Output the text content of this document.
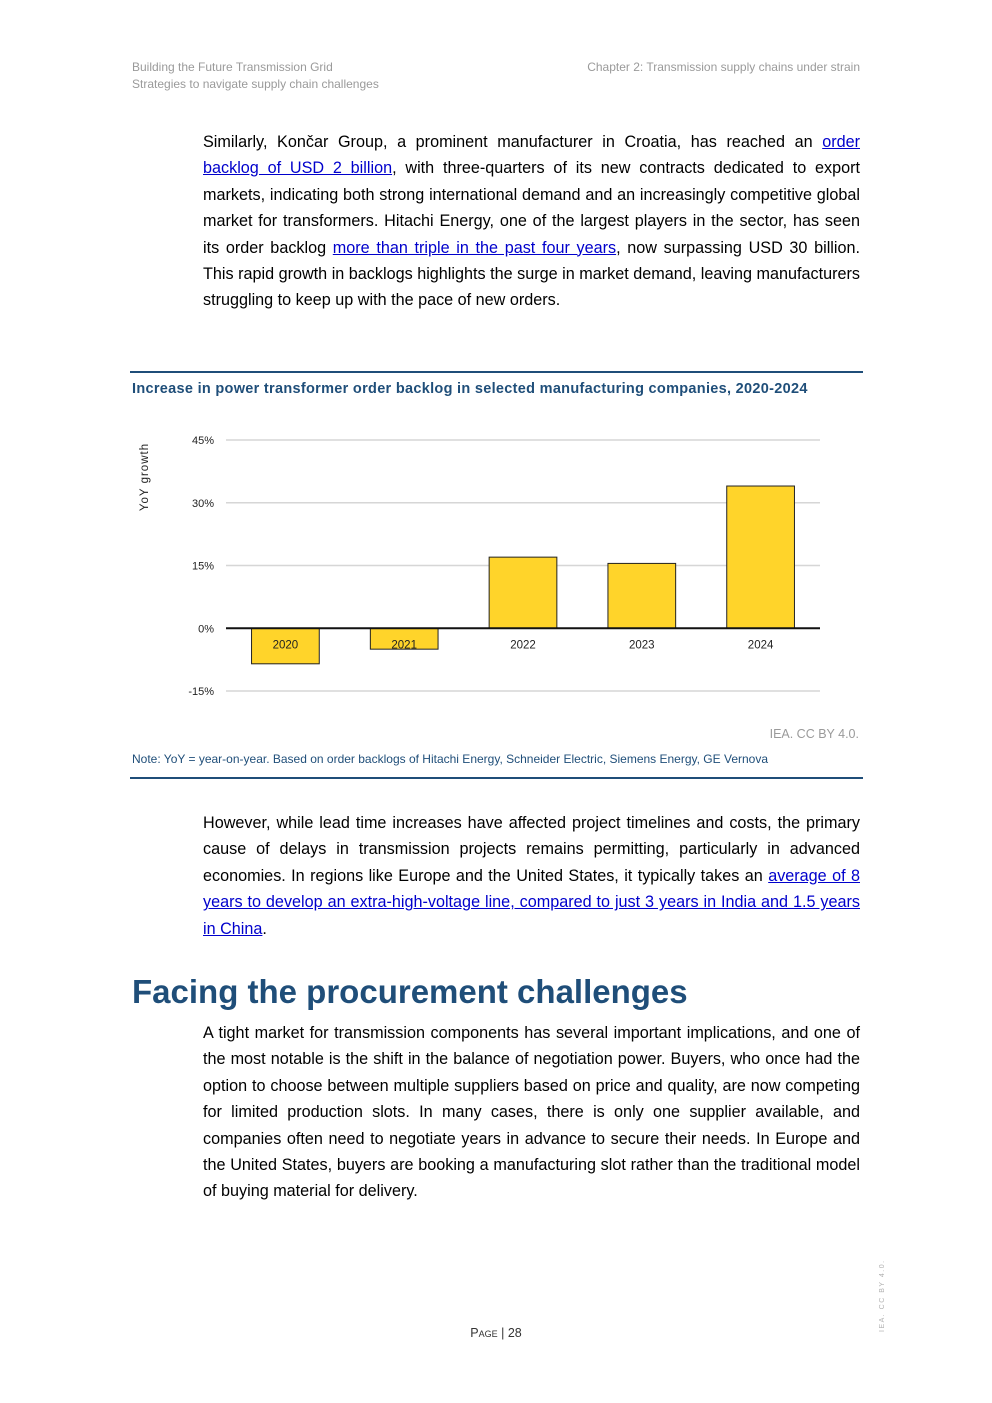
Building the Future Transmission Grid
Strategies to navigate supply chain challenges
Chapter 2: Transmission supply chains under strain
Similarly, Končar Group, a prominent manufacturer in Croatia, has reached an order backlog of USD 2 billion, with three-quarters of its new contracts dedicated to export markets, indicating both strong international demand and an increasingly competitive global market for transformers. Hitachi Energy, one of the largest players in the sector, has seen its order backlog more than triple in the past four years, now surpassing USD 30 billion. This rapid growth in backlogs highlights the surge in market demand, leaving manufacturers struggling to keep up with the pace of new orders.
Increase in power transformer order backlog in selected manufacturing companies, 2020-2024
YoY growth
45%
30%
15%
0%
-15%
2020	2021	2022	2023	2024
IEA. CC BY 4.0.
Note: YoY = year-on-year. Based on order backlogs of Hitachi Energy, Schneider Electric, Siemens Energy, GE Vernova
However, while lead time increases have affected project timelines and costs, the primary cause of delays in transmission projects remains permitting, particularly in advanced economies. In regions like Europe and the United States, it typically takes an average of 8 years to develop an extra-high-voltage line, compared to just 3 years in India and 1.5 years in China.
Facing the procurement challenges
A tight market for transmission components has several important implications, and one of the most notable is the shift in the balance of negotiation power. Buyers, who once had the option to choose between multiple suppliers based on price and quality, are now competing for limited production slots. In many cases, there is only one supplier available, and companies often need to negotiate years in advance to secure their needs. In Europe and the United States, buyers are booking a manufacturing slot rather than the traditional model of buying material for delivery.
Page | 28
IEA. CC BY 4.0.
